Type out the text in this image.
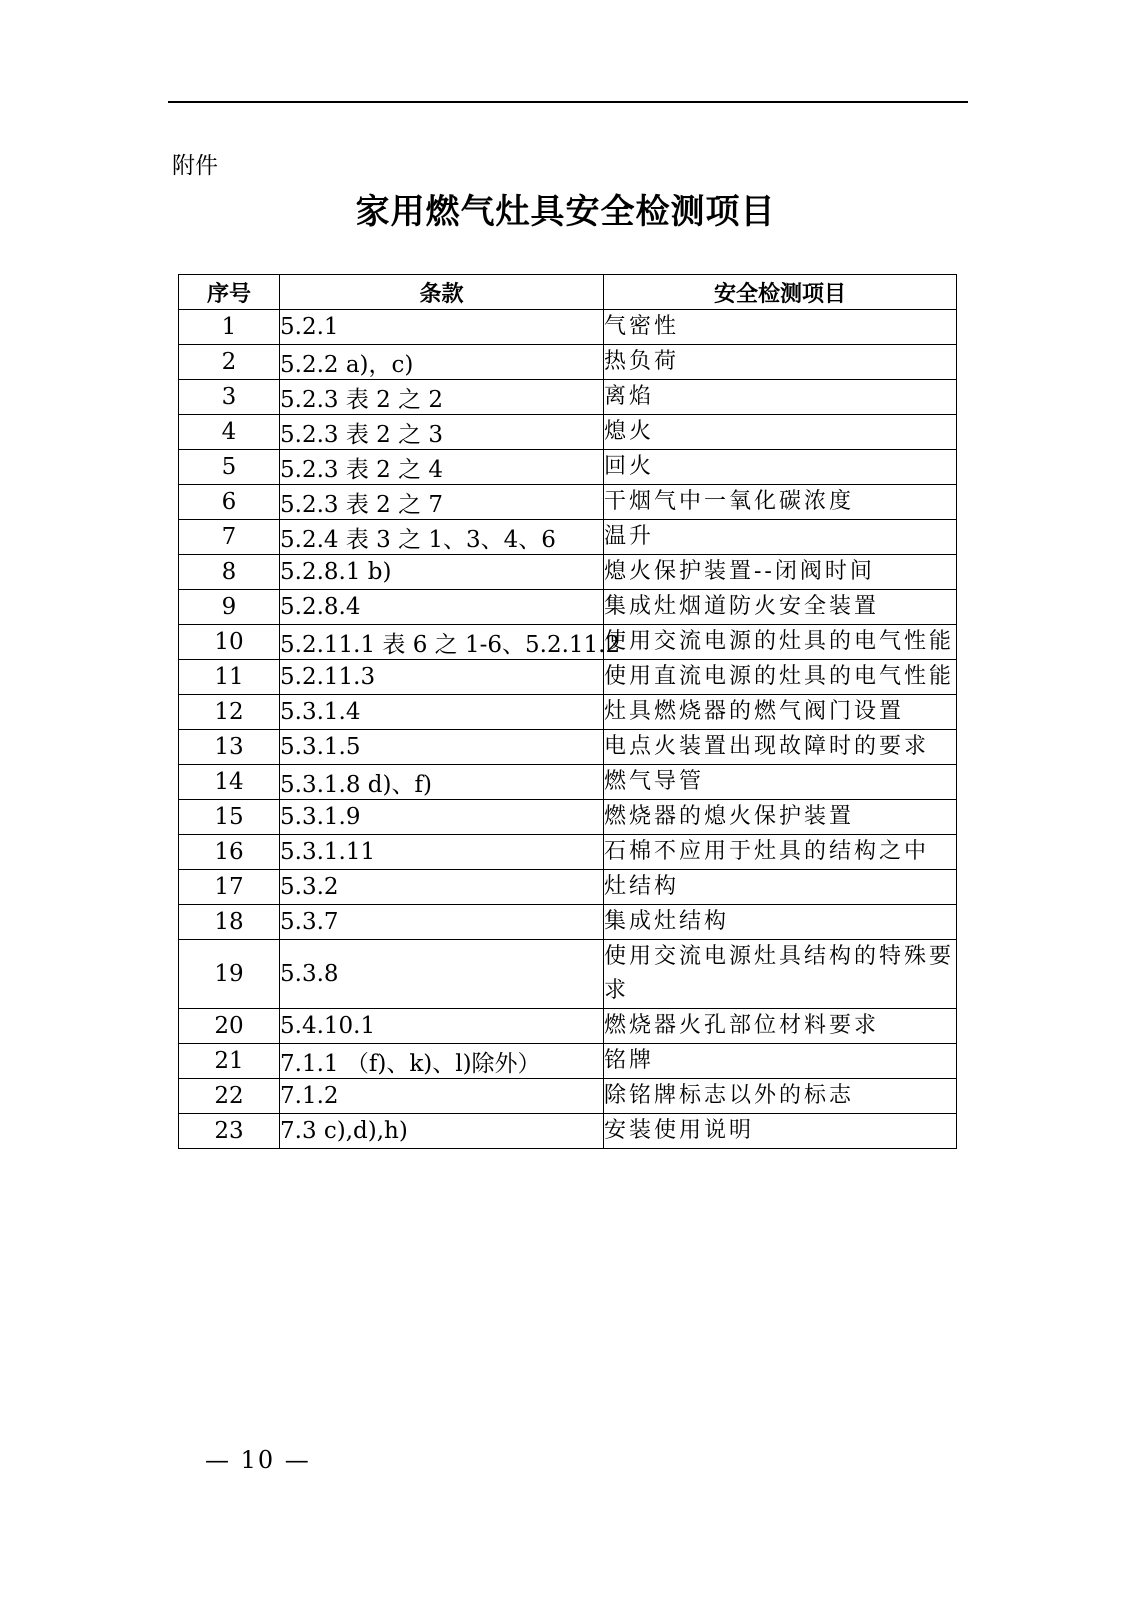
附件
家用燃气灶具安全检测项目
序号	条款	安全检测项目
1	5.2.1	气密性
2	5.2.2 a)，c)	热负荷
3	5.2.3 表 2 之 2	离焰
4	5.2.3 表 2 之 3	熄火
5	5.2.3 表 2 之 4	回火
6	5.2.3 表 2 之 7	干烟气中一氧化碳浓度
7	5.2.4 表 3 之 1、3、4、6	温升
8	5.2.8.1 b)	熄火保护装置--闭阀时间
9	5.2.8.4	集成灶烟道防火安全装置
10	5.2.11.1 表 6 之 1-6、5.2.11.2	使用交流电源的灶具的电气性能
11	5.2.11.3	使用直流电源的灶具的电气性能
12	5.3.1.4	灶具燃烧器的燃气阀门设置
13	5.3.1.5	电点火装置出现故障时的要求
14	5.3.1.8 d)、f)	燃气导管
15	5.3.1.9	燃烧器的熄火保护装置
16	5.3.1.11	石棉不应用于灶具的结构之中
17	5.3.2	灶结构
18	5.3.7	集成灶结构
19	5.3.8	使用交流电源灶具结构的特殊要求
20	5.4.10.1	燃烧器火孔部位材料要求
21	7.1.1 （f)、k)、l)除外）	铭牌
22	7.1.2	除铭牌标志以外的标志
23	7.3 c),d),h)	安装使用说明
— 10 —
